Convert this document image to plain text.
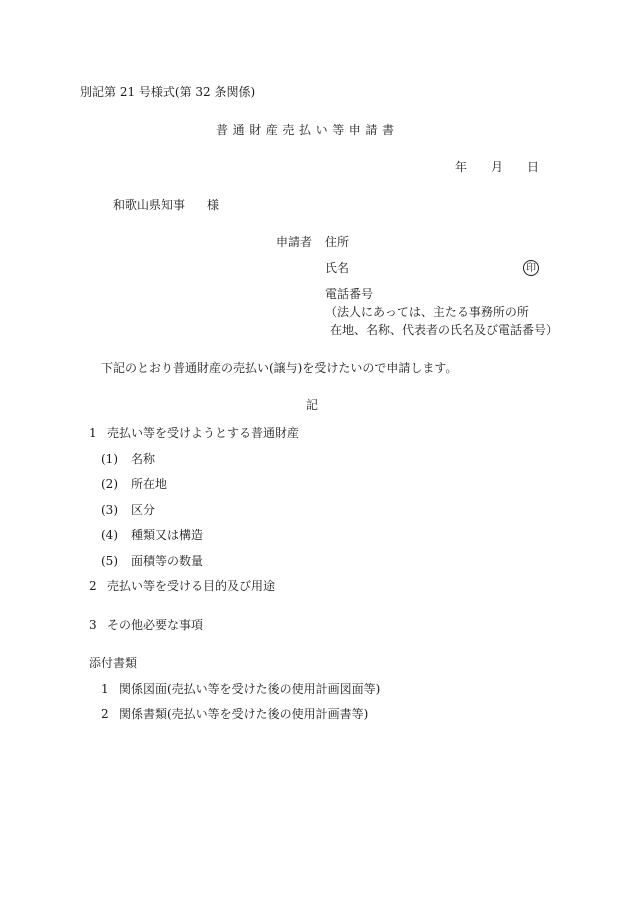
別記第 21 号様式(第 32 条関係)
普通財産売払い等申請書
年 月 日
和歌山県知事 様
申請者 住所
氏名	印
電話番号
（法人にあっては、主たる事務所の所
在地、名称、代表者の氏名及び電話番号）
下記のとおり普通財産の売払い(譲与)を受けたいので申請します。
記
1 売払い等を受けようとする普通財産
(1) 名称
(2) 所在地
(3) 区分
(4) 種類又は構造
(5) 面積等の数量
2 売払い等を受ける目的及び用途
3 その他必要な事項
添付書類
1 関係図面(売払い等を受けた後の使用計画図面等)
2 関係書類(売払い等を受けた後の使用計画書等)
